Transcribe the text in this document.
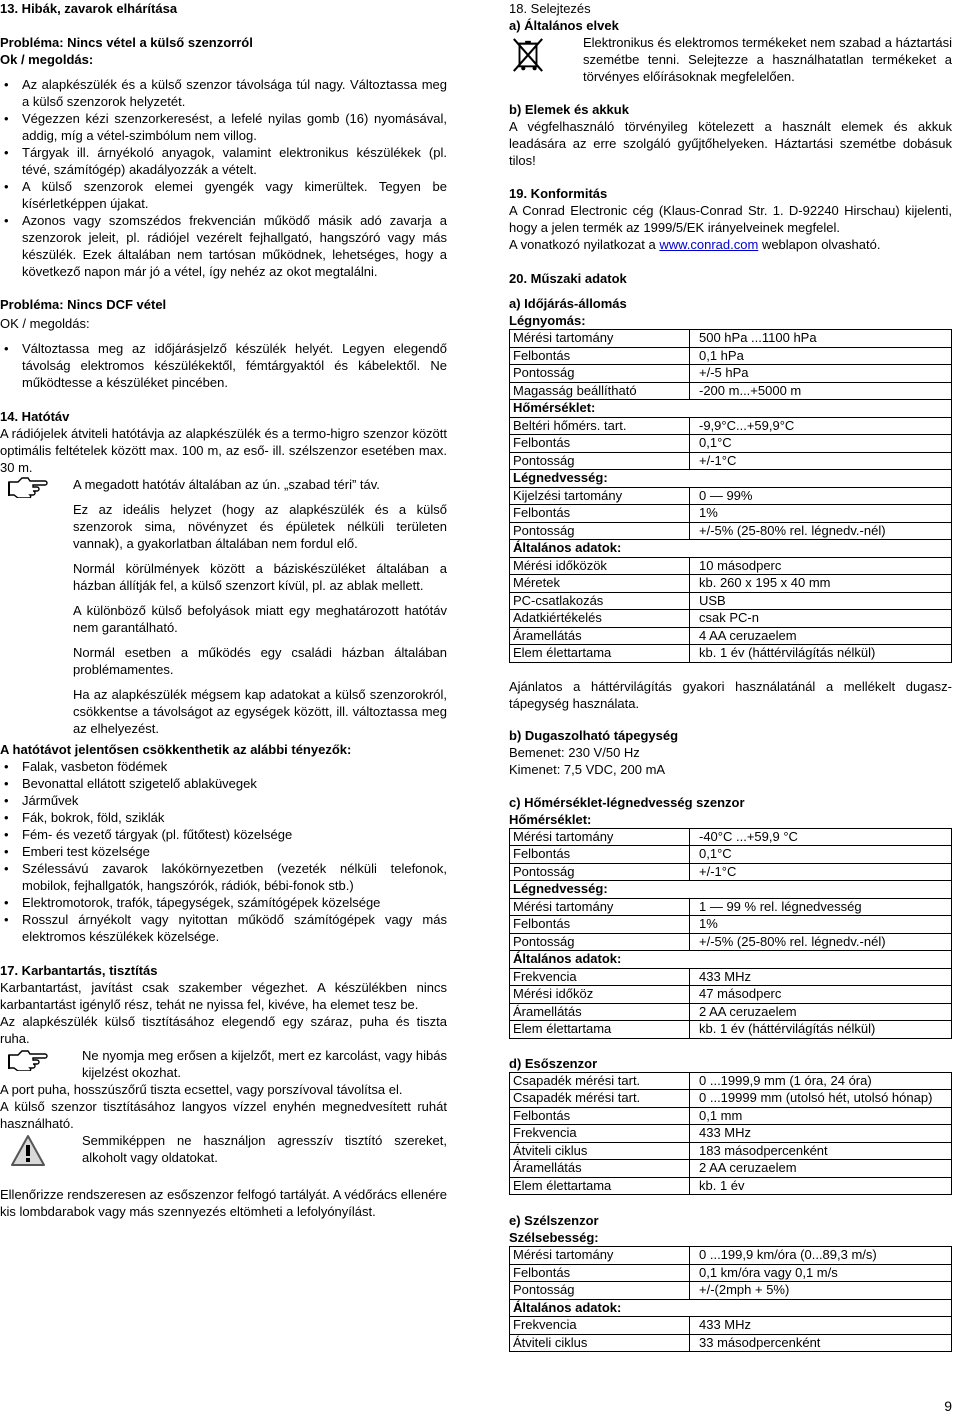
13. Hibák, zavarok elhárítása
Probléma: Nincs vétel a külső szenzorról
Ok / megoldás:
• Az alapkészülék és a külső szenzor távolsága túl nagy. Változtassa meg a külső szenzorok helyzetét.
• Végezzen kézi szenzorkeresést, a lefelé nyilas gomb (16) nyomásával, addig, míg a vétel-szimbólum nem villog.
• Tárgyak ill. árnyékoló anyagok, valamint elektronikus készülékek (pl. tévé, számítógép) akadályozzák a vételt.
• A külső szenzorok elemei gyengék vagy kimerültek. Tegyen be kísérletképpen újakat.
• Azonos vagy szomszédos frekvencián működő másik adó zavarja a szenzorok jeleit, pl. rádiójel vezérelt fejhallgató, hangszóró vagy más készülék. Ezek általában nem tartósan működnek, lehetséges, hogy a következő napon már jó a vétel, így nehéz az okot megtalálni.
Probléma: Nincs DCF vétel
OK / megoldás:
• Változtassa meg az időjárásjelző készülék helyét. Legyen elegendő távolság elektromos készülékektől, fémtárgyaktól és kábelektől. Ne működtesse a készüléket pincében.
14. Hatótáv

A rádiójelek átviteli hatótávja az alapkészülék és a termo-higro szenzor között optimális feltételek között max. 100 m, az eső- ill. szélszenzor esetében max. 30 m.

A megadott hatótáv általában az ún. „szabad téri” táv.

Ez az ideális helyzet (hogy az alapkészülék és a külső szenzorok sima, növényzet és épületek nélküli területen vannak), a gyakorlatban általában nem fordul elő.

Normál körülmények között a báziskészüléket általában a házban állítják fel, a külső szenzort kívül, pl. az ablak mellett.

A különböző külső befolyások miatt egy meghatározott hatótáv nem garantálható.

Normál esetben a működés egy családi házban általában problémamentes.

Ha az alapkészülék mégsem kap adatokat a külső szenzorokról, csökkentse a távolságot az egységek között, ill. változtassa meg az elhelyezést.

A hatótávot jelentősen csökkenthetik az alábbi tényezők:
• Falak, vasbeton födémek
• Bevonattal ellátott szigetelő ablaküvegek
• Járművek
• Fák, bokrok, föld, sziklák
• Fém- és vezető tárgyak (pl. fűtőtest) közelsége
• Emberi test közelsége
• Szélessávú zavarok lakókörnyezetben (vezeték nélküli telefonok, mobilok, fejhallgatók, hangszórók, rádiók, bébi-fonok stb.)
• Elektromotorok, trafók, tápegységek, számítógépek közelsége
• Rosszul árnyékolt vagy nyitottan működő számítógépek vagy más elektromos készülékek közelsége.
17. Karbantartás, tisztítás

Karbantartást, javítást csak szakember végezhet. A készülékben nincs karbantartást igénylő rész, tehát ne nyissa fel, kivéve, ha elemet tesz be.

Az alapkészülék külső tisztításához elegendő egy száraz, puha és tiszta ruha.

Ne nyomja meg erősen a kijelzőt, mert ez karcolást, vagy hibás kijelzést okozhat.

A port puha, hosszúszőrű tiszta ecsettel, vagy porszívoval távolítsa el.

A külső szenzor tisztításához langyos vízzel enyhén megnedvesített ruhát használható.

Semmiképpen ne használjon agresszív tisztító szereket, alkoholt vagy oldatokat.

Ellenőrizze rendszeresen az esőszenzor felfogó tartályát. A védőrács ellenére kis lombdarabok vagy más szennyezés eltömheti a lefolyónyílást.

18. Selejtezés
a) Általános elvek

Elektronikus és elektromos termékeket nem szabad a háztartási szemétbe tenni. Selejtezze a használhatatlan termékeket a törvényes előírásoknak megfelelően.

b) Elemek és akkuk

A végfelhasználó törvényileg kötelezett a használt elemek és akkuk leadására az erre szolgáló gyűjtőhelyeken. Háztartási szemétbe dobásuk tilos!

19. Konformitás

A Conrad Electronic cég (Klaus-Conrad Str. 1. D-92240 Hirschau) kijelenti, hogy a jelen termék az 1999/5/EK irányelveinek megfelel.

A vonatkozó nyilatkozat a www.conrad.com weblapon olvasható.

20. Műszaki adatok
a) Időjárás-állomás
Légnyomás:
Mérési tartomány	500 hPa ...1100 hPa
Felbontás	0,1 hPa
Pontosság	+/-5 hPa
Magasság beállítható	-200 m...+5000 m
Hőmérséklet:	
Beltéri hőmérs. tart.	-9,9°C...+59,9°C
Felbontás	0,1°C
Pontosság	+/-1°C
Légnedvesség:	
Kijelzési tartomány	0 — 99%
Felbontás	1%
Pontosság	+/-5% (25-80% rel. légnedv.-nél)
Általános adatok:	
Mérési időközök	10 másodperc
Méretek	kb. 260 x 195 x 40 mm
PC-csatlakozás	USB
Adatkiértékelés	csak PC-n
Áramellátás	4 AA ceruzaelem
Elem élettartama	kb. 1 év (háttérvilágítás nélkül)

Ajánlatos a háttérvilágítás gyakori használatánál a mellékelt dugasz-tápegység használata.

b) Dugaszolható tápegység
Bemenet: 230 V/50 Hz
Kimenet: 7,5 VDC, 200 mA
c) Hőmérséklet-légnedvesség szenzor
Hőmérséklet:
Mérési tartomány	-40°C ...+59,9 °C
Felbontás	0,1°C
Pontosság	+/-1°C
Légnedvesség:	
Mérési tartomány	1 — 99 % rel. légnedvesség
Felbontás	1%
Pontosság	+/-5% (25-80% rel. légnedv.-nél)
Általános adatok:	
Frekvencia	433 MHz
Mérési időköz	47 másodperc
Áramellátás	2 AA ceruzaelem
Elem élettartama	kb. 1 év (háttérvilágítás nélkül)
d) Esőszenzor
Csapadék mérési tart.	0 ...1999,9 mm (1 óra, 24 óra)
Csapadék mérési tart.	0 ...19999 mm (utolsó hét, utolsó hónap)
Felbontás	0,1 mm
Frekvencia	433 MHz
Átviteli ciklus	183 másodpercenként
Áramellátás	2 AA ceruzaelem
Elem élettartama	kb. 1 év
e) Szélszenzor
Szélsebesség:
Mérési tartomány	0 ...199,9 km/óra (0...89,3 m/s)
Felbontás	0,1 km/óra vagy 0,1 m/s
Pontosság	+/-(2mph + 5%)
Általános adatok:	
Frekvencia	433 MHz
Átviteli ciklus	33 másodpercenként
9
